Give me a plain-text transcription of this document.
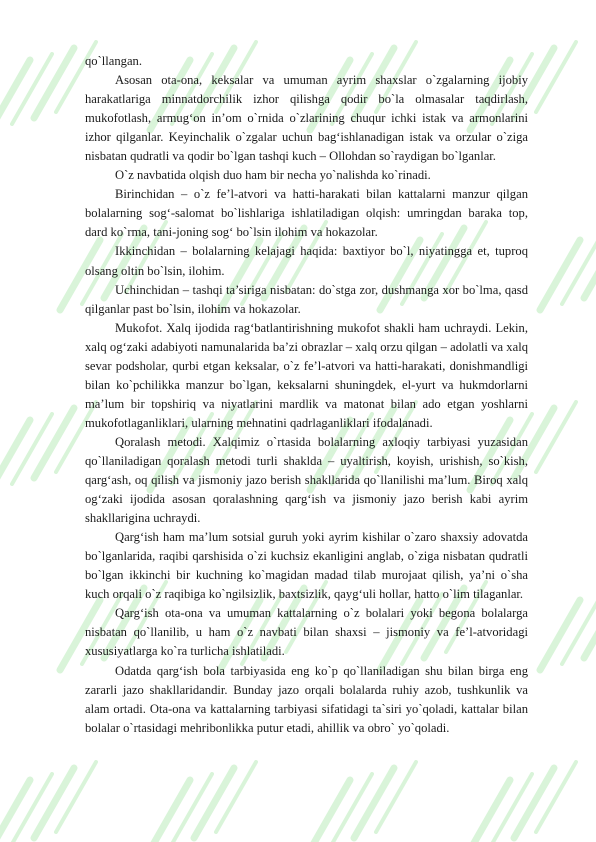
qo`llangan.

Asosan ota-ona, keksalar va umuman ayrim shaxslar o`zgalarning ijobiy harakatlariga minnatdorchilik izhor qilishga qodir bo`la olmasalar taqdirlash, mukofotlash, armug‘on in’om o`rnida o`zlarining chuqur ichki istak va armonlarini izhor qilganlar. Keyinchalik o`zgalar uchun bag‘ishlanadigan istak va orzular o`ziga nisbatan qudratli va qodir bo`lgan tashqi kuch – Ollohdan so`raydigan bo`lganlar.

O`z navbatida olqish duo ham bir necha yo`nalishda ko`rinadi.

Birinchidan – o`z fe’l-atvori va hatti-harakati bilan kattalarni manzur qilgan bolalarning sog‘-salomat bo`lishlariga ishlatiladigan olqish: umringdan baraka top, dard ko`rma, tani-joning sog‘ bo`lsin ilohim va hokazolar.

Ikkinchidan – bolalarning kelajagi haqida: baxtiyor bo`l, niyatingga et, tuproq olsang oltin bo`lsin, ilohim.

Uchinchidan – tashqi ta’siriga nisbatan: do`stga zor, dushmanga xor bo`lma, qasd qilganlar past bo`lsin, ilohim va hokazolar.

Mukofot. Xalq ijodida rag‘batlantirishning mukofot shakli ham uchraydi. Lekin, xalq og‘zaki adabiyoti namunalarida ba’zi obrazlar – xalq orzu qilgan – adolatli va xalq sevar podsholar, qurbi etgan keksalar, o`z fe’l-atvori va hatti-harakati, donishmandligi bilan ko`pchilikka manzur bo`lgan, keksalarni shuningdek, el-yurt va hukmdorlarni ma’lum bir topshiriq va niyatlarini mardlik va matonat bilan ado etgan yoshlarni mukofotlaganliklari, ularning mehnatini qadrlaganliklari ifodalanadi.

Qoralash metodi. Xalqimiz o`rtasida bolalarning axloqiy tarbiyasi yuzasidan qo`llaniladigan qoralash metodi turli shaklda – uyaltirish, koyish, urishish, so`kish, qarg‘ash, oq qilish va jismoniy jazo berish shakllarida qo`llanilishi ma’lum. Biroq xalq og‘zaki ijodida asosan qoralashning qarg‘ish va jismoniy jazo berish kabi ayrim shakllarigina uchraydi.

Qarg‘ish ham ma’lum sotsial guruh yoki ayrim kishilar o`zaro shaxsiy adovatda bo`lganlarida, raqibi qarshisida o`zi kuchsiz ekanligini anglab, o`ziga nisbatan qudratli bo`lgan ikkinchi bir kuchning ko`magidan madad tilab murojaat qilish, ya’ni o`sha kuch orqali o`z raqibiga ko`ngilsizlik, baxtsizlik, qayg‘uli hollar, hatto o`lim tilaganlar.

Qarg‘ish ota-ona va umuman kattalarning o`z bolalari yoki begona bolalarga nisbatan qo`llanilib, u ham o`z navbati bilan shaxsi – jismoniy va fe’l-atvoridagi xususiyatlarga ko`ra turlicha ishlatiladi.

Odatda qarg‘ish bola tarbiyasida eng ko`p qo`llaniladigan shu bilan birga eng zararli jazo shakllaridandir. Bunday jazo orqali bolalarda ruhiy azob, tushkunlik va alam ortadi. Ota-ona va kattalarning tarbiyasi sifatidagi ta`siri yo`qoladi, kattalar bilan bolalar o`rtasidagi mehribonlikka putur etadi, ahillik va obro` yo`qoladi.
